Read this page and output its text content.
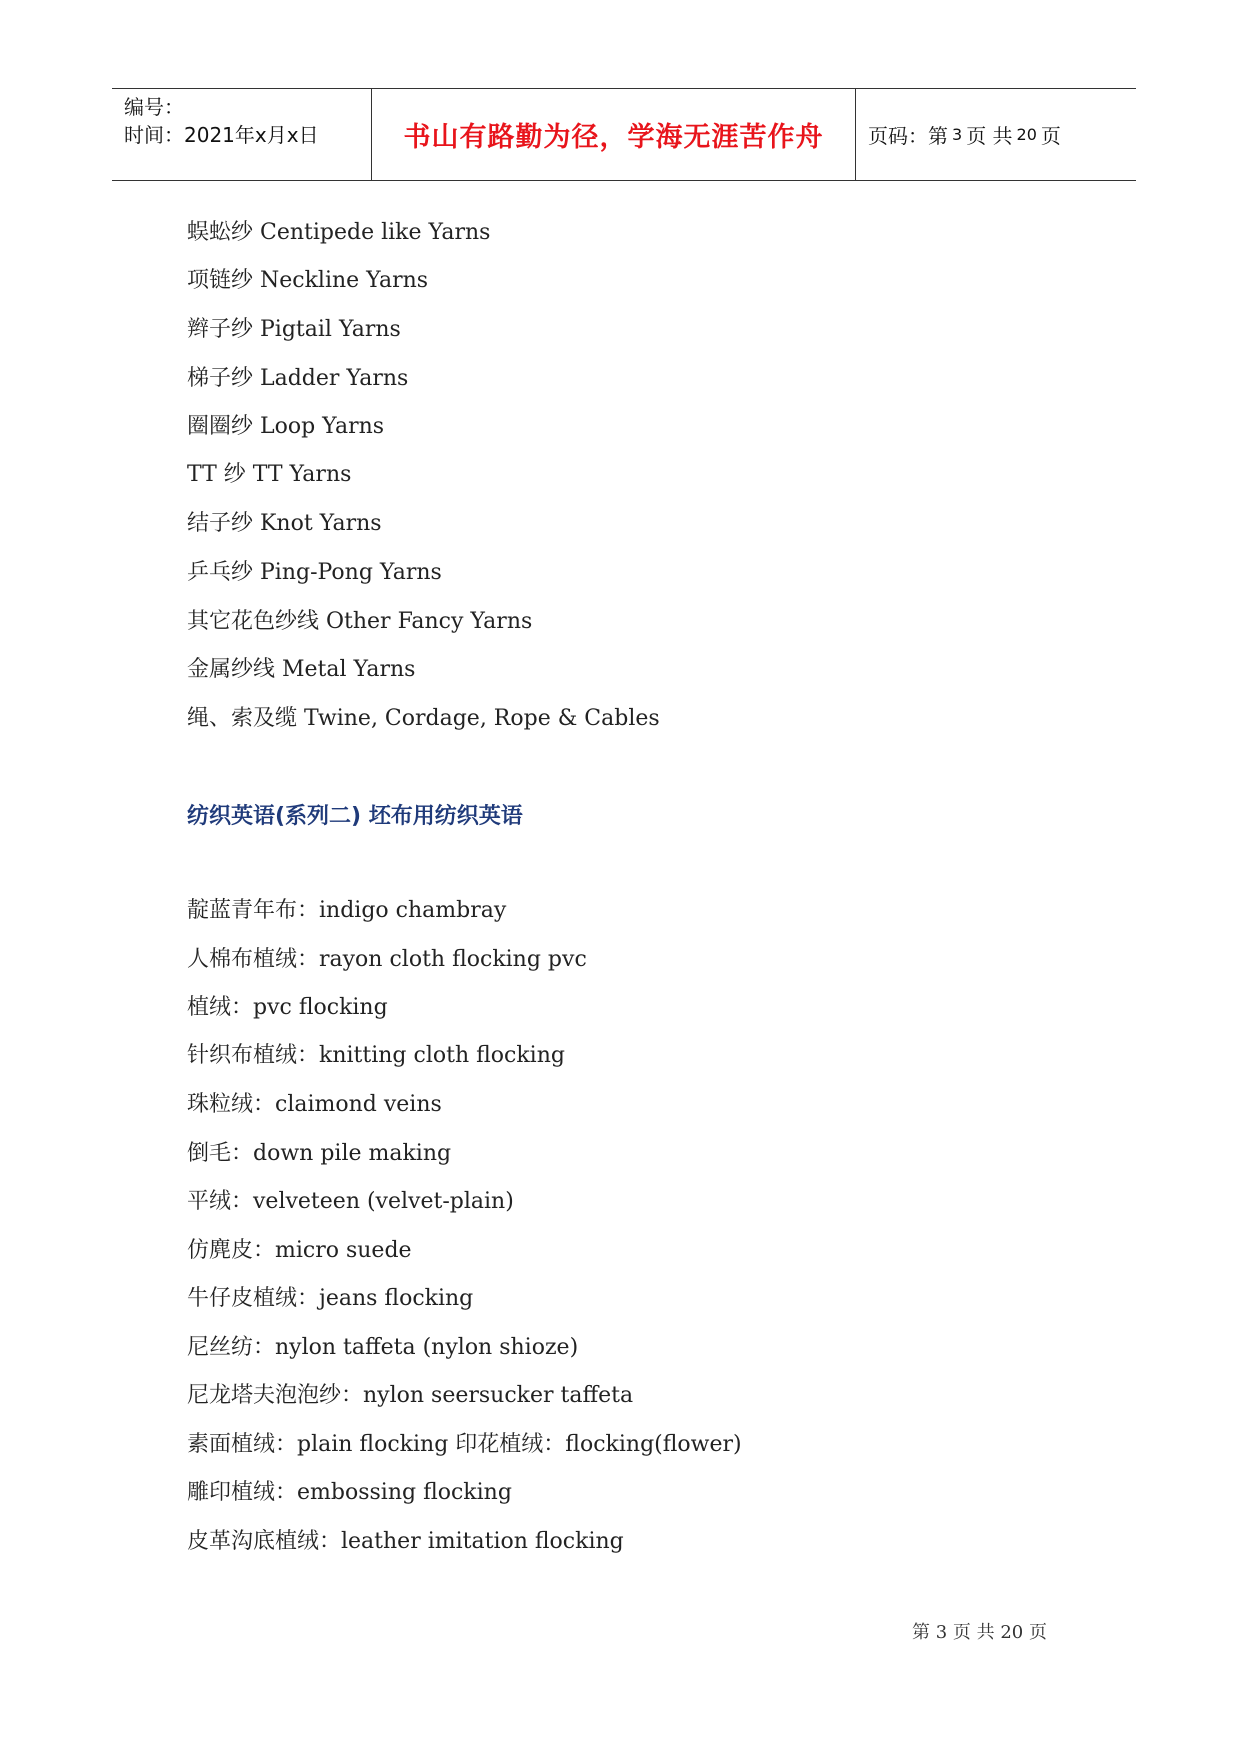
编号：
时间：2021年x月x日	书山有路勤为径，学海无涯苦作舟 页码：第 3 页 共 20 页
蜈蚣纱 Centipede like Yarns
项链纱 Neckline Yarns
辫子纱 Pigtail Yarns
梯子纱 Ladder Yarns
圈圈纱 Loop Yarns
TT 纱 TT Yarns
结子纱 Knot Yarns
乒乓纱 Ping-Pong Yarns
其它花色纱线 Other Fancy Yarns
金属纱线 Metal Yarns
绳、索及缆 Twine, Cordage, Rope & Cables
纺织英语(系列二) 坯布用纺织英语
靛蓝青年布：indigo chambray
人棉布植绒：rayon cloth flocking pvc
植绒：pvc flocking
针织布植绒：knitting cloth flocking
珠粒绒：claimond veins
倒毛：down pile making
平绒：velveteen (velvet-plain)
仿麂皮：micro suede
牛仔皮植绒：jeans flocking
尼丝纺：nylon taffeta (nylon shioze)
尼龙塔夫泡泡纱：nylon seersucker taffeta
素面植绒：plain flocking 印花植绒：flocking(flower)
雕印植绒：embossing flocking
皮革沟底植绒：leather imitation flocking
第 3 页 共 20 页
